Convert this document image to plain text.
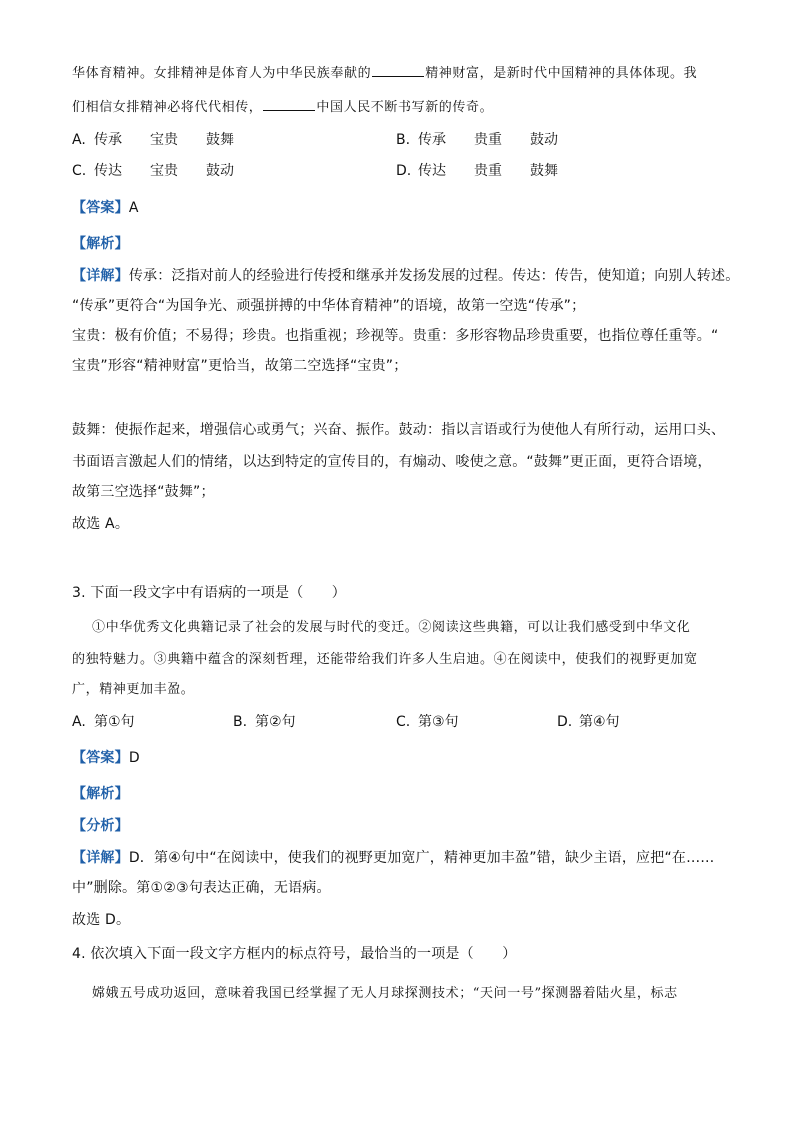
华体育精神。女排精神是体育人为中华民族奉献的	精神财富，是新时代中国精神的具体体现。我
们相信女排精神必将代代相传，	中国人民不断书写新的传奇。
A. 传承 宝贵 鼓舞	B. 传承 贵重 鼓动
C. 传达 宝贵 鼓动	D. 传达 贵重 鼓舞
【答案】A
【解析】
【详解】传承：泛指对前人的经验进行传授和继承并发扬发展的过程。传达：传告，使知道；向别人转述。
“传承”更符合“为国争光、顽强拼搏的中华体育精神”的语境，故第一空选“传承”；
宝贵：极有价值；不易得；珍贵。也指重视；珍视等。贵重：多形容物品珍贵重要，也指位尊任重等。“
宝贵”形容“精神财富”更恰当，故第二空选择“宝贵”；
鼓舞：使振作起来，增强信心或勇气；兴奋、振作。鼓动：指以言语或行为使他人有所行动，运用口头、
书面语言激起人们的情绪，以达到特定的宣传目的，有煽动、唆使之意。“鼓舞”更正面，更符合语境，
故第三空选择“鼓舞”；
故选 A。
3. 下面一段文字中有语病的一项是（　　）
①中华优秀文化典籍记录了社会的发展与时代的变迁。②阅读这些典籍，可以让我们感受到中华文化
的独特魅力。③典籍中蕴含的深刻哲理，还能带给我们许多人生启迪。④在阅读中，使我们的视野更加宽
广，精神更加丰盈。
A. 第①句	B. 第②句	C. 第③句	D. 第④句
【答案】D
【解析】
【分析】
【详解】D．第④句中“在阅读中，使我们的视野更加宽广，精神更加丰盈”错，缺少主语，应把“在……
中”删除。第①②③句表达正确，无语病。
故选 D。
4. 依次填入下面一段文字方框内的标点符号，最恰当的一项是（　　）
嫦娥五号成功返回，意味着我国已经掌握了无人月球探测技术；“天问一号”探测器着陆火星，标志
